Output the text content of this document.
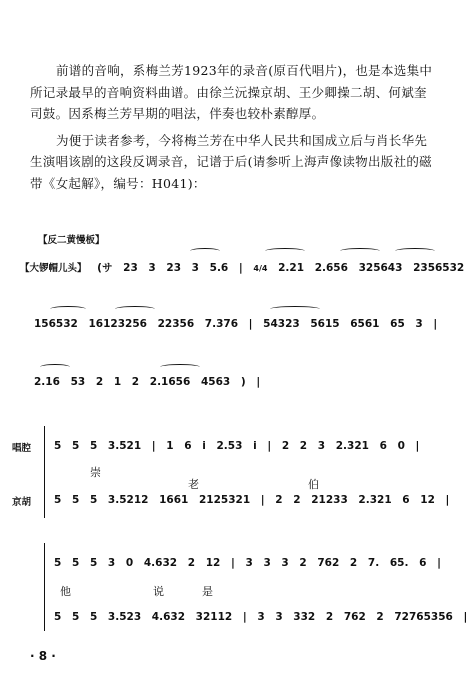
前谱的音响，系梅兰芳1923年的录音(原百代唱片)，也是本选集中所记录最早的音响资料曲谱。由徐兰沅操京胡、王少卿操二胡、何斌奎司鼓。因系梅兰芳早期的唱法，伴奏也较朴素醇厚。

为便于读者参考，今将梅兰芳在中华人民共和国成立后与肖长华先生演唱该剧的这段反调录音，记谱于后(请参听上海声像读物出版社的磁带《女起解》，编号：H041)：

【反二黄慢板】
【大锣帽儿头】 (サ 23 3 23 3 5.6 | 4/4 2.21 2.656 325643 2356532
156532 16123256 22356 7.376 | 54323 5615 6561 65 3 |
2.16 53 2 1 2 2.1656 4563 ) |
唱腔
京胡
5 5 5 3.521 | 1 6 i 2.53 i | 2 2 3 2.321 6 0 |
崇
老	伯
5 5 5 3.5212 1661 2125321 | 2 2 21233 2.321 6 12 |
5 5 5 3 0 4.632 2 12 | 3 3 3 2 762 2 7. 65. 6 |
他	说	是
5 5 5 3.523 4.632 32112 | 3 3 332 2 762 2 72765356 |
· 8 ·
